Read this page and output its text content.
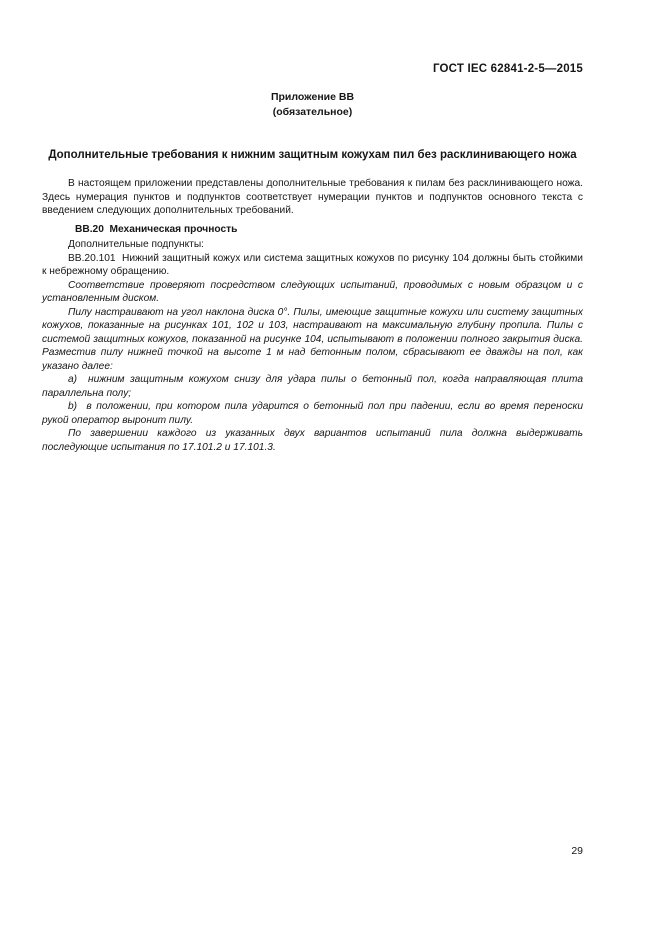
ГОСТ IEC 62841-2-5—2015
Приложение ВВ
(обязательное)
Дополнительные требования к нижним защитным кожухам пил без расклинивающего ножа

В настоящем приложении представлены дополнительные требования к пилам без расклинивающего ножа. Здесь нумерация пунктов и подпунктов соответствует нумерации пунктов и подпунктов основного текста с введением следующих дополнительных требований.

ВВ.20  Механическая прочность

Дополнительные подпункты:

ВВ.20.101  Нижний защитный кожух или система защитных кожухов по рисунку 104 должны быть стойкими к небрежному обращению.

Соответствие проверяют посредством следующих испытаний, проводимых с новым образцом и с установленным диском.

Пилу настраивают на угол наклона диска 0°. Пилы, имеющие защитные кожухи или систему защитных кожухов, показанные на рисунках 101, 102 и 103, настраивают на максимальную глубину пропила. Пилы с системой защитных кожухов, показанной на рисунке 104, испытывают в положении полного закрытия диска. Разместив пилу нижней точкой на высоте 1 м над бетонным полом, сбрасывают ее дважды на пол, как указано далее:

а)  нижним защитным кожухом снизу для удара пилы о бетонный пол, когда направляющая плита параллельна полу;

b)  в положении, при котором пила ударится о бетонный пол при падении, если во время переноски рукой оператор выронит пилу.

По завершении каждого из указанных двух вариантов испытаний пила должна выдерживать последующие испытания по 17.101.2 и 17.101.3.

29
